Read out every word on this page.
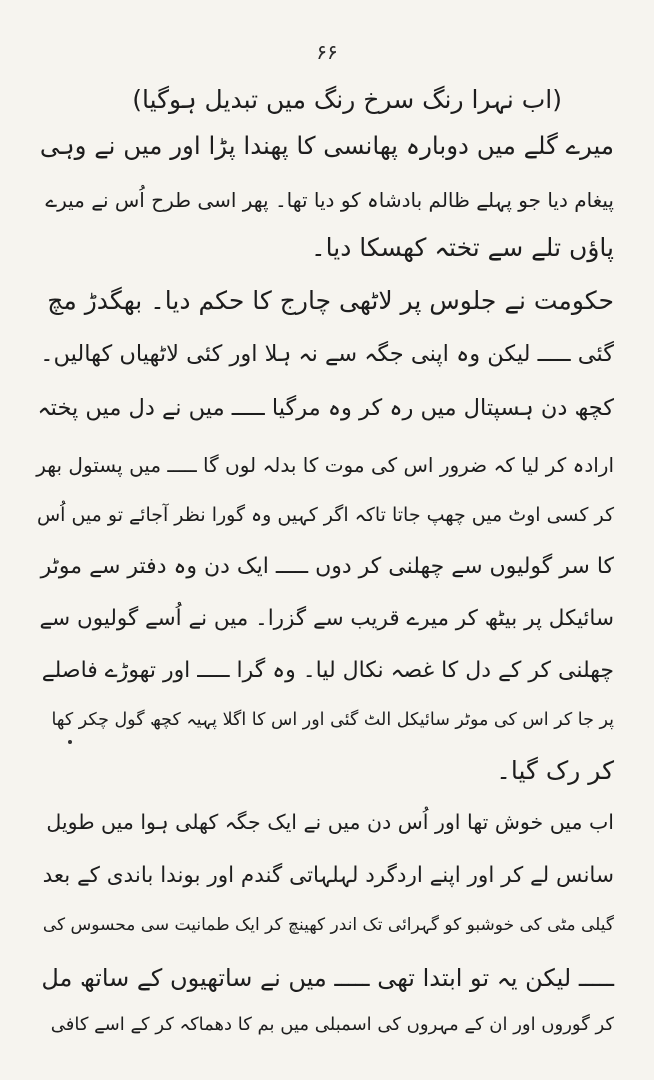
۶۶
(اب نہرا رنگ سرخ رنگ میں تبدیل ہوگیا)
میرے گلے میں دوبارہ پھانسی کا پھندا پڑا اور میں نے وہی
پیغام دیا جو پہلے ظالم بادشاہ کو دیا تھا۔ پھر اسی طرح اُس نے میرے
پاؤں تلے سے تختہ کھسکا دیا۔
حکومت نے جلوس پر لاٹھی چارج کا حکم دیا۔ بھگدڑ مچ
گئی ـــــ لیکن وہ اپنی جگہ سے نہ ہلا اور کئی لاٹھیاں کھالیں۔
کچھ دن ہسپتال میں رہ کر وہ مرگیا ـــــ میں نے دل میں پختہ
ارادہ کر لیا کہ ضرور اس کی موت کا بدلہ لوں گا ـــــ میں پستول بھر
کر کسی اوٹ میں چھپ جاتا تاکہ اگر کہیں وہ گورا نظر آجائے تو میں اُس
کا سر گولیوں سے چھلنی کر دوں ـــــ ایک دن وہ دفتر سے موٹر
سائیکل پر بیٹھ کر میرے قریب سے گزرا۔ میں نے اُسے گولیوں سے
چھلنی کر کے دل کا غصہ نکال لیا۔ وہ گرا ـــــ اور تھوڑے فاصلے
پر جا کر اس کی موٹر سائیکل الٹ گئی اور اس کا اگلا پہیہ کچھ گول چکر کھا
کر رک گیا۔
اب میں خوش تھا اور اُس دن میں نے ایک جگہ کھلی ہوا میں طویل
سانس لے کر اور اپنے اردگرد لہلہاتی گندم اور بوندا باندی کے بعد
گیلی مٹی کی خوشبو کو گہرائی تک اندر کھینچ کر ایک طمانیت سی محسوس کی
ـــــ لیکن یہ تو ابتدا تھی ـــــ میں نے ساتھیوں کے ساتھ مل
کر گوروں اور ان کے مہروں کی اسمبلی میں بم کا دھماکہ کر کے اسے کافی
